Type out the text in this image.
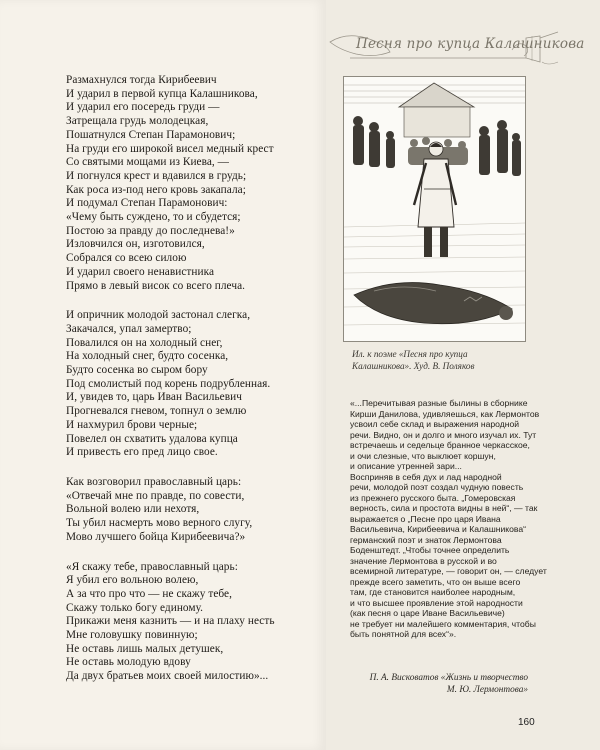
Песня про купца Калашникова
Размахнулся тогда Кирибеевич
И ударил в первой купца Калашникова,
И ударил его посередь груди —
Затрещала грудь молодецкая,
Пошатнулся Степан Парамонович;
На груди его широкой висел медный крест
Со святыми мощами из Киева, —
И погнулся крест и вдавился в грудь;
Как роса из-под него кровь закапала;
И подумал Степан Парамонович:
«Чему быть суждено, то и сбудется;
Постою за правду до последнева!»
Изловчился он, изготовился,
Собрался со всею силою
И ударил своего ненавистника
Прямо в левый висок со всего плеча.
И опричник молодой застонал слегка,
Закачался, упал замертво;
Повалился он на холодный снег,
На холодный снег, будто сосенка,
Будто сосенка во сыром бору
Под смолистый под корень подрубленная.
И, увидев то, царь Иван Васильевич
Прогневался гневом, топнул о землю
И нахмурил брови черные;
Повелел он схватить удалова купца
И привесть его пред лицо свое.
Как возговорил православный царь:
«Отвечай мне по правде, по совести,
Вольной волею или нехотя,
Ты убил насмерть мово верного слугу,
Мово лучшего бойца Кирибеевича?»
«Я скажу тебе, православный царь:
Я убил его вольною волею,
А за что про что — не скажу тебе,
Скажу только богу единому.
Прикажи меня казнить — и на плаху несть
Мне головушку повинную;
Не оставь лишь малых детушек,
Не оставь молодую вдову
Да двух братьев моих своей милостию»...
Ил. к поэме «Песня про купца
Калашникова». Худ. В. Поляков
«...Перечитывая разные былины в сборнике
Кирши Данилова, удивляешься, как Лермонтов
усвоил себе склад и выражения народной
речи. Видно, он и долго и много изучал их. Тут
встречаешь и седельце бранное черкасское,
и очи слезные, что выклюет коршун,
и описание утренней зари...
Восприняв в себя дух и лад народной
речи, молодой поэт создал чудную повесть
из прежнего русского быта. „Гомеровская
верность, сила и простота видны в ней“, — так
выражается о „Песне про царя Ивана
Васильевича, Кирибеевича и Калашникова“
германский поэт и знаток Лермонтова
Боденштедт. „Чтобы точнее определить
значение Лермонтова в русской и во
всемирной литературе, — говорит он, — следует
прежде всего заметить, что он выше всего
там, где становится наиболее народным,
и что высшее проявление этой народности
(как песня о царе Иване Васильевиче)
не требует ни малейшего комментария, чтобы
быть понятной для всех“».
П. А. Висковатов «Жизнь и творчество
М. Ю. Лермонтова»
160
